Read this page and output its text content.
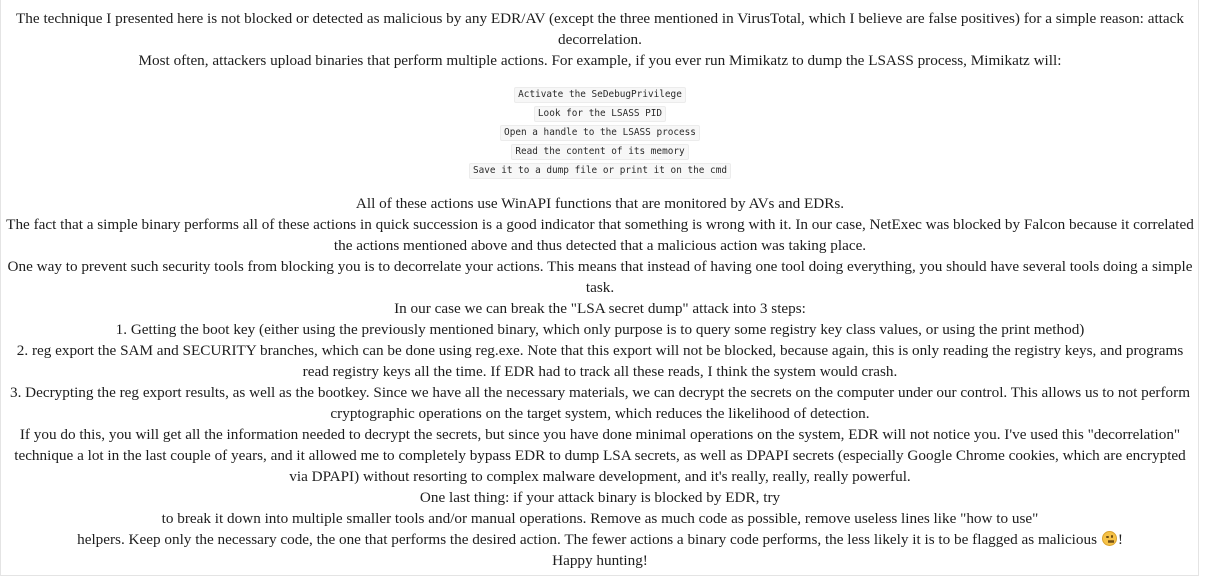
The technique I presented here is not blocked or detected as malicious by any EDR/AV (except the three mentioned in VirusTotal, which I believe are false positives) for a simple reason: attack decorrelation.

Most often, attackers upload binaries that perform multiple actions. For example, if you ever run Mimikatz to dump the LSASS process, Mimikatz will:

Activate the SeDebugPrivilege
Look for the LSASS PID
Open a handle to the LSASS process
Read the content of its memory
Save it to a dump file or print it on the cmd

All of these actions use WinAPI functions that are monitored by AVs and EDRs.

The fact that a simple binary performs all of these actions in quick succession is a good indicator that something is wrong with it. In our case, NetExec was blocked by Falcon because it correlated the actions mentioned above and thus detected that a malicious action was taking place.

One way to prevent such security tools from blocking you is to decorrelate your actions. This means that instead of having one tool doing everything, you should have several tools doing a simple task.

In our case we can break the "LSA secret dump" attack into 3 steps:

1. Getting the boot key (either using the previously mentioned binary, which only purpose is to query some registry key class values, or using the print method)

2. reg export the SAM and SECURITY branches, which can be done using reg.exe. Note that this export will not be blocked, because again, this is only reading the registry keys, and programs read registry keys all the time. If EDR had to track all these reads, I think the system would crash.

3. Decrypting the reg export results, as well as the bootkey. Since we have all the necessary materials, we can decrypt the secrets on the computer under our control. This allows us to not perform cryptographic operations on the target system, which reduces the likelihood of detection.

If you do this, you will get all the information needed to decrypt the secrets, but since you have done minimal operations on the system, EDR will not notice you. I've used this "decorrelation" technique a lot in the last couple of years, and it allowed me to completely bypass EDR to dump LSA secrets, as well as DPAPI secrets (especially Google Chrome cookies, which are encrypted via DPAPI) without resorting to complex malware development, and it's really, really, really powerful.

One last thing: if your attack binary is blocked by EDR, try

to break it down into multiple smaller tools and/or manual operations. Remove as much code as possible, remove useless lines like "how to use"

helpers. Keep only the necessary code, the one that performs the desired action. The fewer actions a binary code performs, the less likely it is to be flagged as malicious !

Happy hunting!
